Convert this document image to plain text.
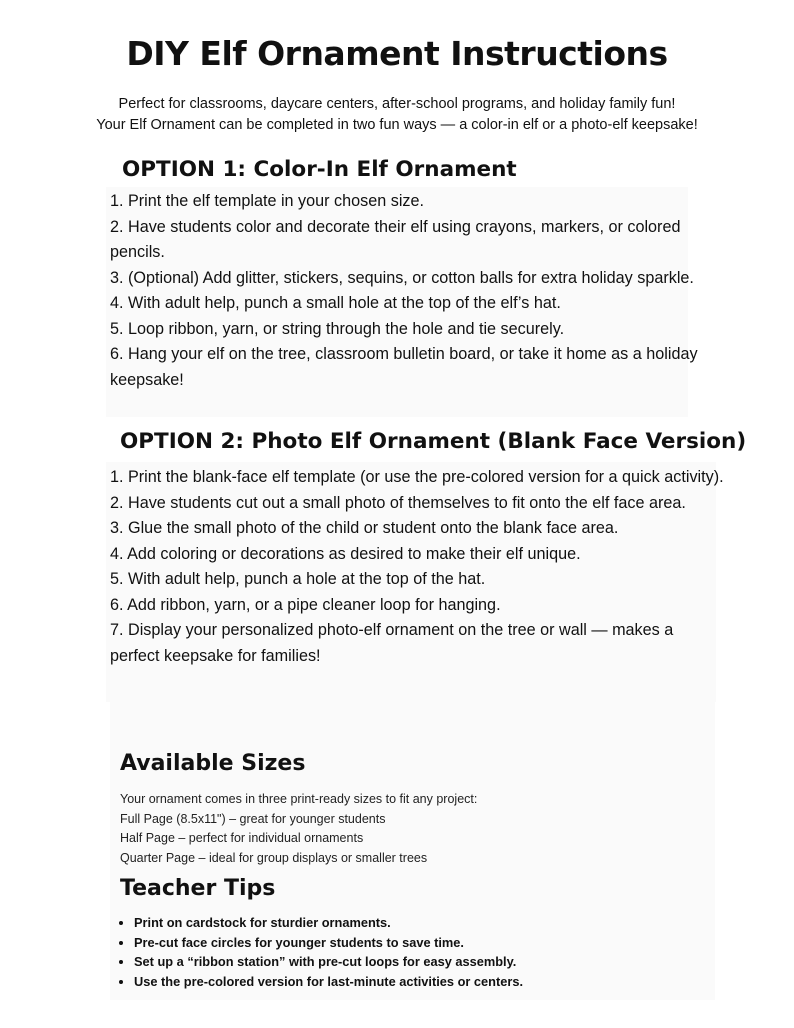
DIY Elf Ornament Instructions

Perfect for classrooms, daycare centers, after-school programs, and holiday family fun!

Your Elf Ornament can be completed in two fun ways — a color-in elf or a photo-elf keepsake!

OPTION 1: Color-In Elf Ornament
1. Print the elf template in your chosen size.
2. Have students color and decorate their elf using crayons, markers, or colored pencils.
3. (Optional) Add glitter, stickers, sequins, or cotton balls for extra holiday sparkle.
4. With adult help, punch a small hole at the top of the elf’s hat.
5. Loop ribbon, yarn, or string through the hole and tie securely.
6. Hang your elf on the tree, classroom bulletin board, or take it home as a holiday keepsake!
OPTION 2: Photo Elf Ornament (Blank Face Version)
1. Print the blank-face elf template (or use the pre-colored version for a quick activity).
2. Have students cut out a small photo of themselves to fit onto the elf face area.
3. Glue the small photo of the child or student onto the blank face area.
4. Add coloring or decorations as desired to make their elf unique.
5. With adult help, punch a hole at the top of the hat.
6. Add ribbon, yarn, or a pipe cleaner loop for hanging.
7. Display your personalized photo-elf ornament on the tree or wall — makes a perfect keepsake for families!
Available Sizes

Your ornament comes in three print-ready sizes to fit any project:

Full Page (8.5x11") – great for younger students

Half Page – perfect for individual ornaments

Quarter Page – ideal for group displays or smaller trees

Teacher Tips
• Print on cardstock for sturdier ornaments.
• Pre-cut face circles for younger students to save time.
• Set up a “ribbon station” with pre-cut loops for easy assembly.
• Use the pre-colored version for last-minute activities or centers.
